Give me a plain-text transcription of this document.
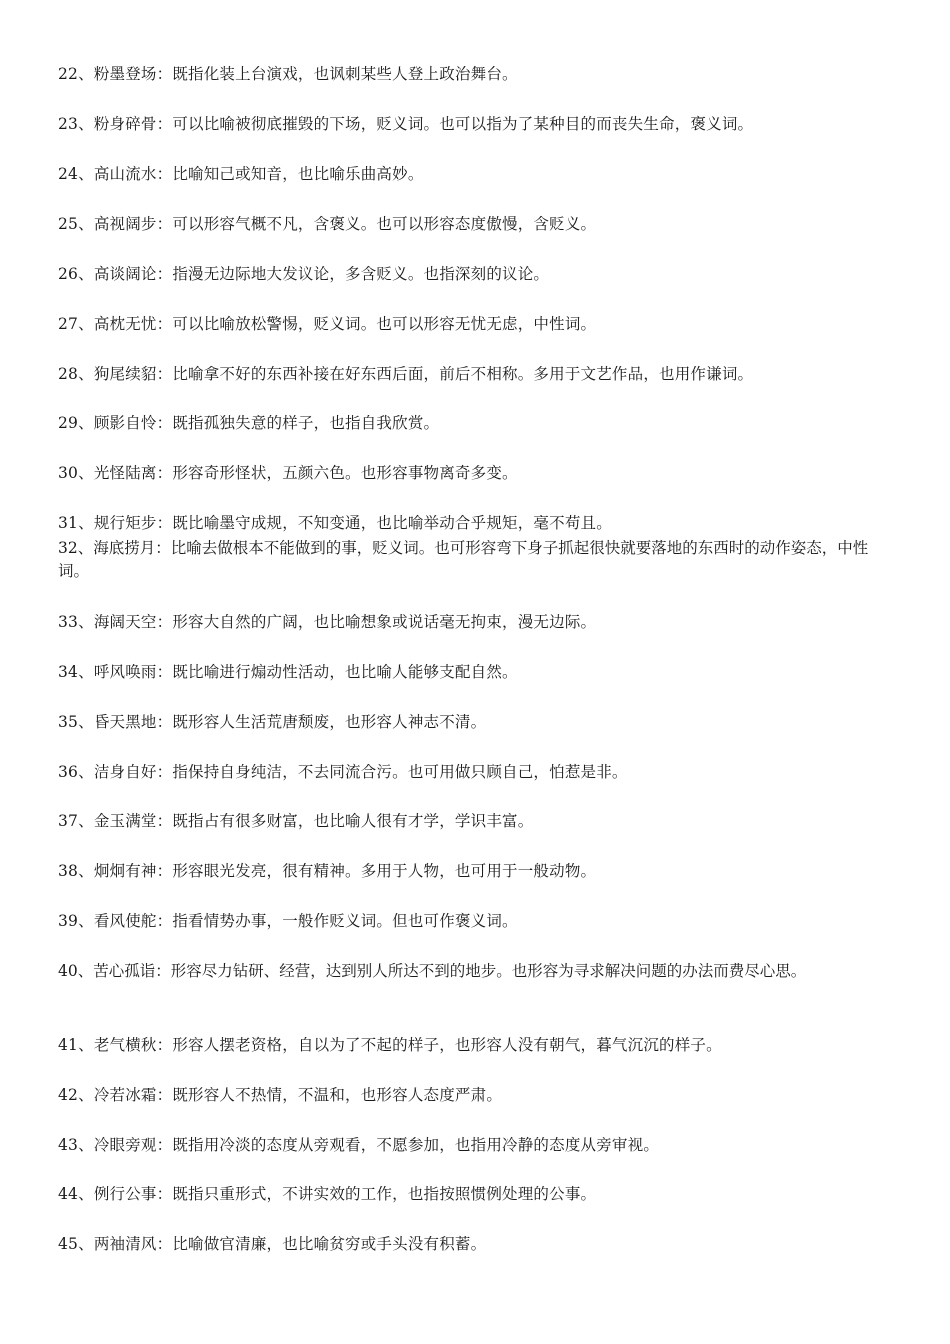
22、粉墨登场：既指化装上台演戏，也讽刺某些人登上政治舞台。
23、粉身碎骨：可以比喻被彻底摧毁的下场，贬义词。也可以指为了某种目的而丧失生命，褒义词。
24、高山流水：比喻知己或知音，也比喻乐曲高妙。
25、高视阔步：可以形容气概不凡，含褒义。也可以形容态度傲慢，含贬义。
26、高谈阔论：指漫无边际地大发议论，多含贬义。也指深刻的议论。
27、高枕无忧：可以比喻放松警惕，贬义词。也可以形容无忧无虑，中性词。
28、狗尾续貂：比喻拿不好的东西补接在好东西后面，前后不相称。多用于文艺作品，也用作谦词。
29、顾影自怜：既指孤独失意的样子，也指自我欣赏。
30、光怪陆离：形容奇形怪状，五颜六色。也形容事物离奇多变。
31、规行矩步：既比喻墨守成规，不知变通，也比喻举动合乎规矩，毫不苟且。
32、海底捞月：比喻去做根本不能做到的事，贬义词。也可形容弯下身子抓起很快就要落地的东西时的动作姿态，中性词。
33、海阔天空：形容大自然的广阔，也比喻想象或说话毫无拘束，漫无边际。
34、呼风唤雨：既比喻进行煽动性活动，也比喻人能够支配自然。
35、昏天黑地：既形容人生活荒唐颓废，也形容人神志不清。
36、洁身自好：指保持自身纯洁，不去同流合污。也可用做只顾自己，怕惹是非。
37、金玉满堂：既指占有很多财富，也比喻人很有才学，学识丰富。
38、炯炯有神：形容眼光发亮，很有精神。多用于人物，也可用于一般动物。
39、看风使舵：指看情势办事，一般作贬义词。但也可作褒义词。
40、苦心孤诣：形容尽力钻研、经营，达到别人所达不到的地步。也形容为寻求解决问题的办法而费尽心思。
41、老气横秋：形容人摆老资格，自以为了不起的样子，也形容人没有朝气，暮气沉沉的样子。
42、冷若冰霜：既形容人不热情，不温和，也形容人态度严肃。
43、冷眼旁观：既指用冷淡的态度从旁观看，不愿参加，也指用冷静的态度从旁审视。
44、例行公事：既指只重形式，不讲实效的工作，也指按照惯例处理的公事。
45、两袖清风：比喻做官清廉，也比喻贫穷或手头没有积蓄。
